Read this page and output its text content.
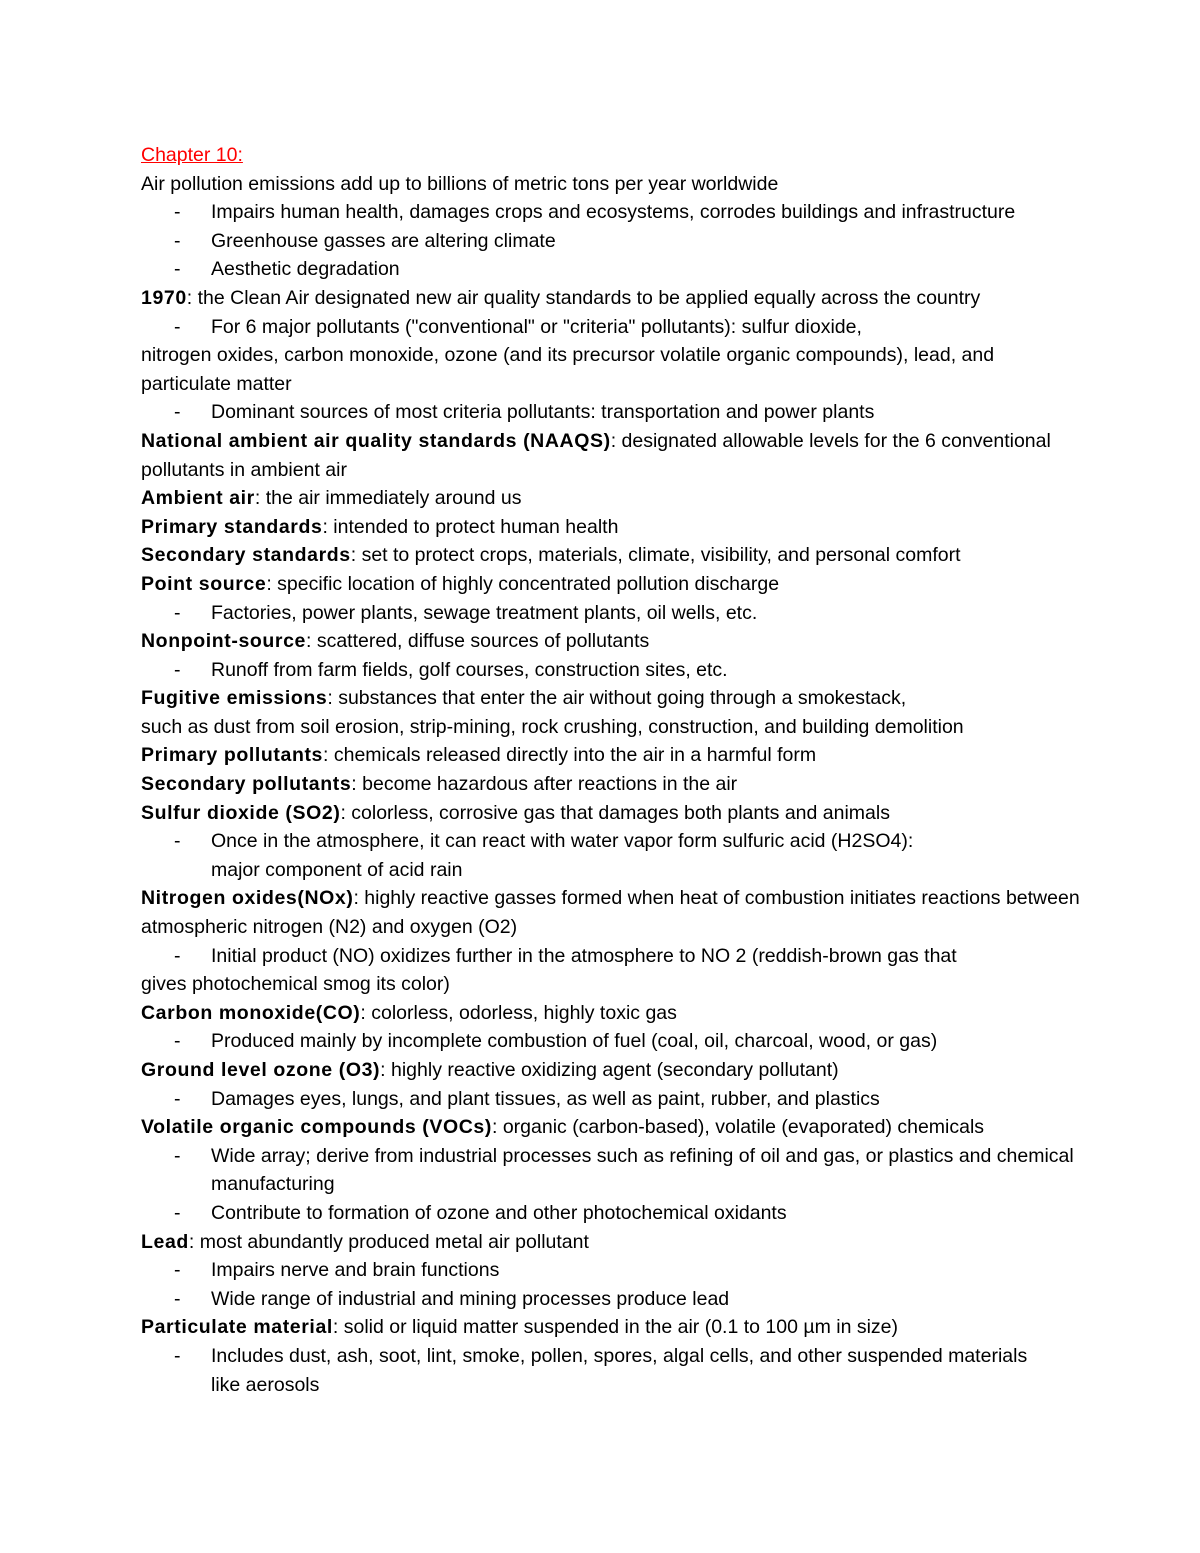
Chapter 10:
Air pollution emissions add up to billions of metric tons per year worldwide
- Impairs human health, damages crops and ecosystems, corrodes buildings and infrastructure
- Greenhouse gasses are altering climate
- Aesthetic degradation
1970: the Clean Air designated new air quality standards to be applied equally across the country
- For 6 major pollutants ("conventional" or "criteria" pollutants): sulfur dioxide,
nitrogen oxides, carbon monoxide, ozone (and its precursor volatile organic compounds), lead, and
particulate matter
- Dominant sources of most criteria pollutants: transportation and power plants
National ambient air quality standards (NAAQS): designated allowable levels for the 6 conventional
pollutants in ambient air
Ambient air: the air immediately around us
Primary standards: intended to protect human health
Secondary standards: set to protect crops, materials, climate, visibility, and personal comfort
Point source: specific location of highly concentrated pollution discharge
- Factories, power plants, sewage treatment plants, oil wells, etc.
Nonpoint-source: scattered, diffuse sources of pollutants
- Runoff from farm fields, golf courses, construction sites, etc.
Fugitive emissions: substances that enter the air without going through a smokestack,
such as dust from soil erosion, strip-mining, rock crushing, construction, and building demolition
Primary pollutants: chemicals released directly into the air in a harmful form
Secondary pollutants: become hazardous after reactions in the air
Sulfur dioxide (SO2): colorless, corrosive gas that damages both plants and animals
- Once in the atmosphere, it can react with water vapor form sulfuric acid (H2SO4):
major component of acid rain
Nitrogen oxides(NOx): highly reactive gasses formed when heat of combustion initiates reactions between
atmospheric nitrogen (N2) and oxygen (O2)
- Initial product (NO) oxidizes further in the atmosphere to NO 2 (reddish-brown gas that
gives photochemical smog its color)
Carbon monoxide(CO): colorless, odorless, highly toxic gas
- Produced mainly by incomplete combustion of fuel (coal, oil, charcoal, wood, or gas)
Ground level ozone (O3): highly reactive oxidizing agent (secondary pollutant)
- Damages eyes, lungs, and plant tissues, as well as paint, rubber, and plastics
Volatile organic compounds (VOCs): organic (carbon-based), volatile (evaporated) chemicals
- Wide array; derive from industrial processes such as refining of oil and gas, or plastics and chemical
manufacturing
- Contribute to formation of ozone and other photochemical oxidants
Lead: most abundantly produced metal air pollutant
- Impairs nerve and brain functions
- Wide range of industrial and mining processes produce lead
Particulate material: solid or liquid matter suspended in the air (0.1 to 100 µm in size)
- Includes dust, ash, soot, lint, smoke, pollen, spores, algal cells, and other suspended materials
like aerosols
